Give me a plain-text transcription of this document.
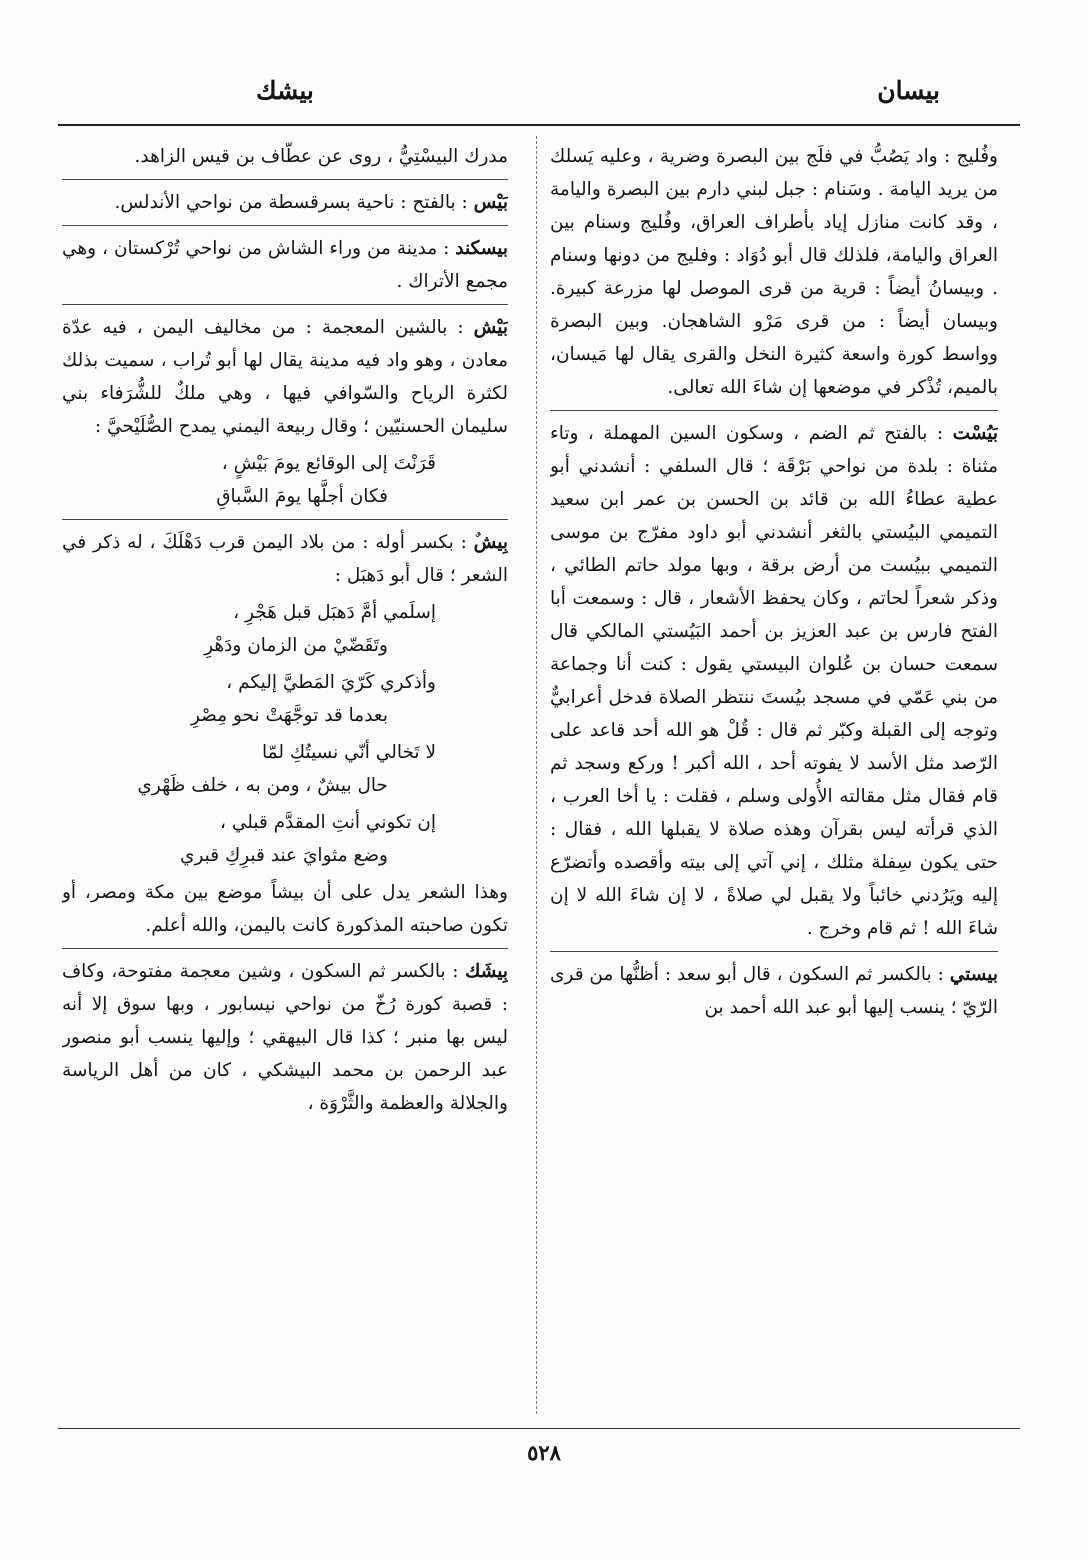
بيسان
بيشك

وفُليج : واد يَصُبُّ في فلَج بين البصرة وضرية ، وعليه يَسلك من يريد اليامة . وسَنام : جبل لبني دارم بين البصرة واليامة ، وقد كانت منازل إياد بأطراف العراق، وفُليج وسنام بين العراق واليامة، فلذلك قال أبو دُوَاد : وفليج من دونها وسنام . وبيسانُ أيضاً : قرية من قرى الموصل لها مزرعة كبيرة. وبيسان أيضاً : من قرى مَرْو الشاهجان. وبين البصرة وواسط كورة واسعة كثيرة النخل والقرى يقال لها مَيسان، بالميم، تُذْكر في موضعها إن شاءَ الله تعالى.

بَيُسْت : بالفتح ثم الضم ، وسكون السين المهملة ، وتاء مثناة : بلدة من نواحي بَرْقَة ؛ قال السلفي : أنشدني أبو عطية عطاءُ الله بن قائد بن الحسن بن عمر ابن سعيد التميمي البيُستي بالثغر أنشدني أبو داود مفرّج بن موسى التميمي ببيُست من أرض برقة ، وبها مولد حاتم الطائي ، وذكر شعراً لحاتم ، وكان يحفظ الأشعار ، قال : وسمعت أبا الفتح فارس بن عبد العزيز بن أحمد البَيُستي المالكي قال سمعت حسان بن عُلوان البيستي يقول : كنت أنا وجماعة من بني عَمّي في مسجد بيُستَ ننتظر الصلاة فدخل أعرابيٌّ وتوجه إلى القبلة وكبّر ثم قال : قُلْ هو الله أحد قاعد على الرّصد مثل الأسد لا يفوته أحد ، الله أكبر ! وركع وسجد ثم قام فقال مثل مقالته الأُولى وسلم ، فقلت : يا أخا العرب ، الذي قرأته ليس بقرآن وهذه صلاة لا يقبلها الله ، فقال : حتى يكون سِفلة مثلك ، إني آتي إلى بيته وأقصده وأتضرّع إليه ويَرُدني خائباً ولا يقبل لي صلاةً ، لا إن شاءَ الله لا إن شاءَ الله ! ثم قام وخرج .

بيستي : بالكسر ثم السكون ، قال أبو سعد : أظنُّها من قرى الرّيّ ؛ ينسب إليها أبو عبد الله أحمد بن

مدرك البيسْتِيُّ ، روى عن عطّاف بن قيس الزاهد.

بَيْس : بالفتح : ناحية بسرقسطة من نواحي الأندلس.

بيسكند : مدينة من وراء الشاش من نواحي تُرْكستان ، وهي مجمع الأتراك .

بَيْش : بالشين المعجمة : من مخاليف اليمن ، فيه عدّة معادن ، وهو واد فيه مدينة يقال لها أبو تُراب ، سميت بذلك لكثرة الرياح والسّوافي فيها ، وهي ملكٌ للشُّرَفاء بني سليمان الحسنيّين ؛ وقال ربيعة اليمني يمدح الصُّلَيْحيَّ :
قَرَنْتَ إلى الوقائع يومَ بَيْشٍ ،
فكان أجلَّها يومَ السَّباقِ
بِيشٌ : بكسر أوله : من بلاد اليمن قرب دَهْلَكَ ، له ذكر في الشعر ؛ قال أبو دَهبَل :
إسلَمي أمَّ دَهبَل قبل هَجْرِ ،
وتَقَضّيْ من الزمان ودَهْرِ
وأذكري كَرّيَ المَطيَّ إليكم ،
بعدما قد توجَّهَتْ نحو مِصْرِ
لا تَخالي أنّي نسيتُكِ لمّا
حال بيشٌ ، ومن به ، خلف ظَهْري
إن تكوني أنتِ المقدَّم قبلي ،
وضع مثوايَ عند قبرِكِ قبري
وهذا الشعر يدل على أن بيشاً موضع بين مكة ومصر، أو تكون صاحبته المذكورة كانت باليمن، والله أعلم.

بِيشَك : بالكسر ثم السكون ، وشين معجمة مفتوحة، وكاف : قصبة كورة رُخّ من نواحي نيسابور ، وبها سوق إلا أنه ليس بها منبر ؛ كذا قال البيهقي ؛ وإليها ينسب أبو منصور عبد الرحمن بن محمد البيشكي ، كان من أهل الرياسة والجلالة والعظمة والثَّرْوَة ،

٥٢٨
